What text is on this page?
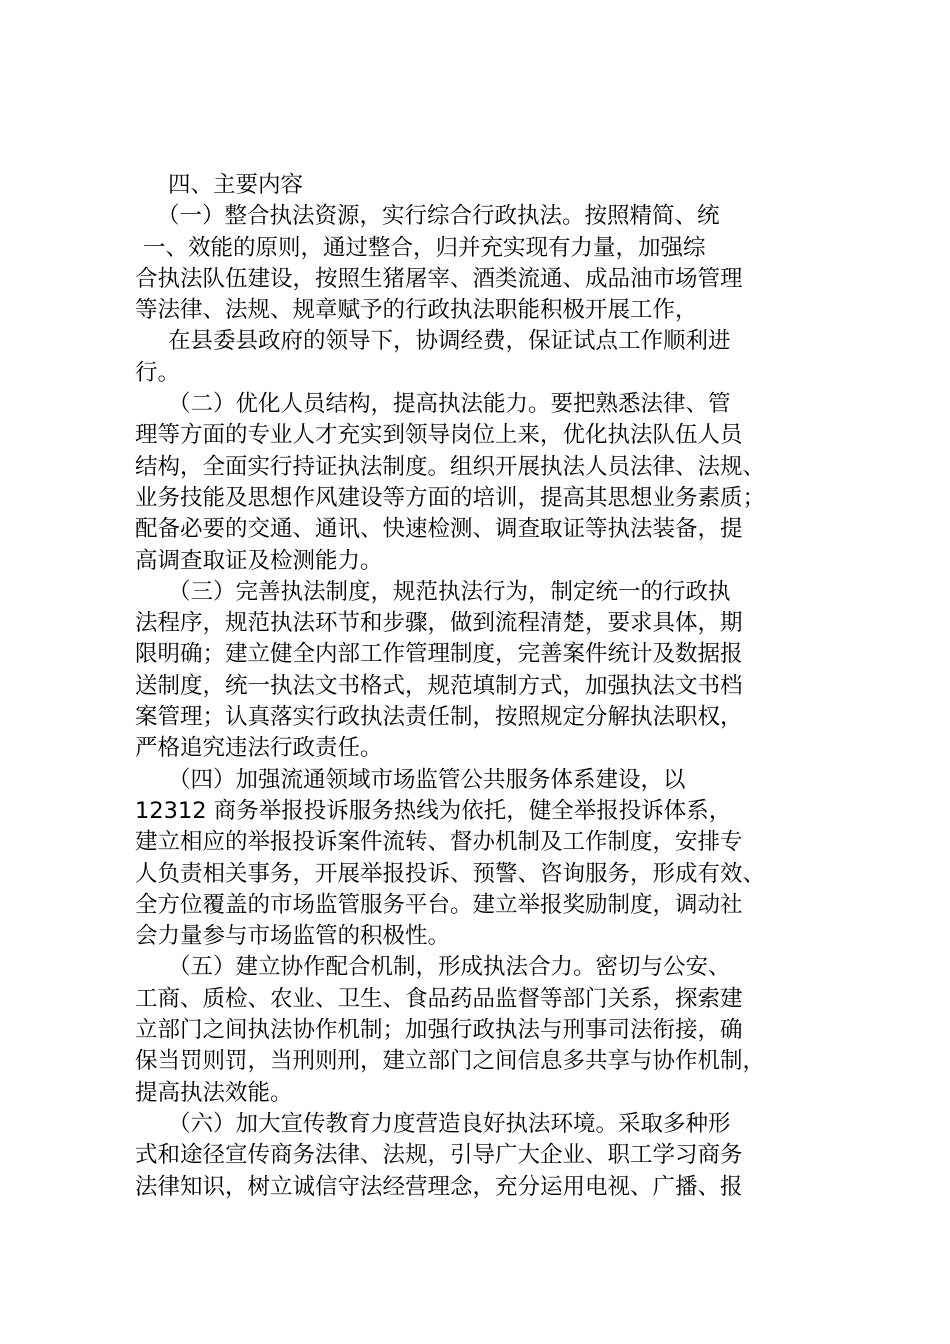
四、主要内容
（一）整合执法资源，实行综合行政执法。按照精简、统
一、效能的原则，通过整合，归并充实现有力量，加强综
合执法队伍建设，按照生猪屠宰、酒类流通、成品油市场管理
等法律、法规、规章赋予的行政执法职能积极开展工作，
在县委县政府的领导下，协调经费，保证试点工作顺利进
行。
（二）优化人员结构，提高执法能力。要把熟悉法律、管
理等方面的专业人才充实到领导岗位上来，优化执法队伍人员
结构，全面实行持证执法制度。组织开展执法人员法律、法规、
业务技能及思想作风建设等方面的培训，提高其思想业务素质；
配备必要的交通、通讯、快速检测、调查取证等执法装备，提
高调查取证及检测能力。
（三）完善执法制度，规范执法行为，制定统一的行政执
法程序，规范执法环节和步骤，做到流程清楚，要求具体，期
限明确；建立健全内部工作管理制度，完善案件统计及数据报
送制度，统一执法文书格式，规范填制方式，加强执法文书档
案管理；认真落实行政执法责任制，按照规定分解执法职权，
严格追究违法行政责任。
（四）加强流通领域市场监管公共服务体系建设，以
12312 商务举报投诉服务热线为依托，健全举报投诉体系，
建立相应的举报投诉案件流转、督办机制及工作制度，安排专
人负责相关事务，开展举报投诉、预警、咨询服务，形成有效、
全方位覆盖的市场监管服务平台。建立举报奖励制度，调动社
会力量参与市场监管的积极性。
（五）建立协作配合机制，形成执法合力。密切与公安、
工商、质检、农业、卫生、食品药品监督等部门关系，探索建
立部门之间执法协作机制；加强行政执法与刑事司法衔接，确
保当罚则罚，当刑则刑，建立部门之间信息多共享与协作机制，
提高执法效能。
（六）加大宣传教育力度营造良好执法环境。采取多种形
式和途径宣传商务法律、法规，引导广大企业、职工学习商务
法律知识，树立诚信守法经营理念，充分运用电视、广播、报
